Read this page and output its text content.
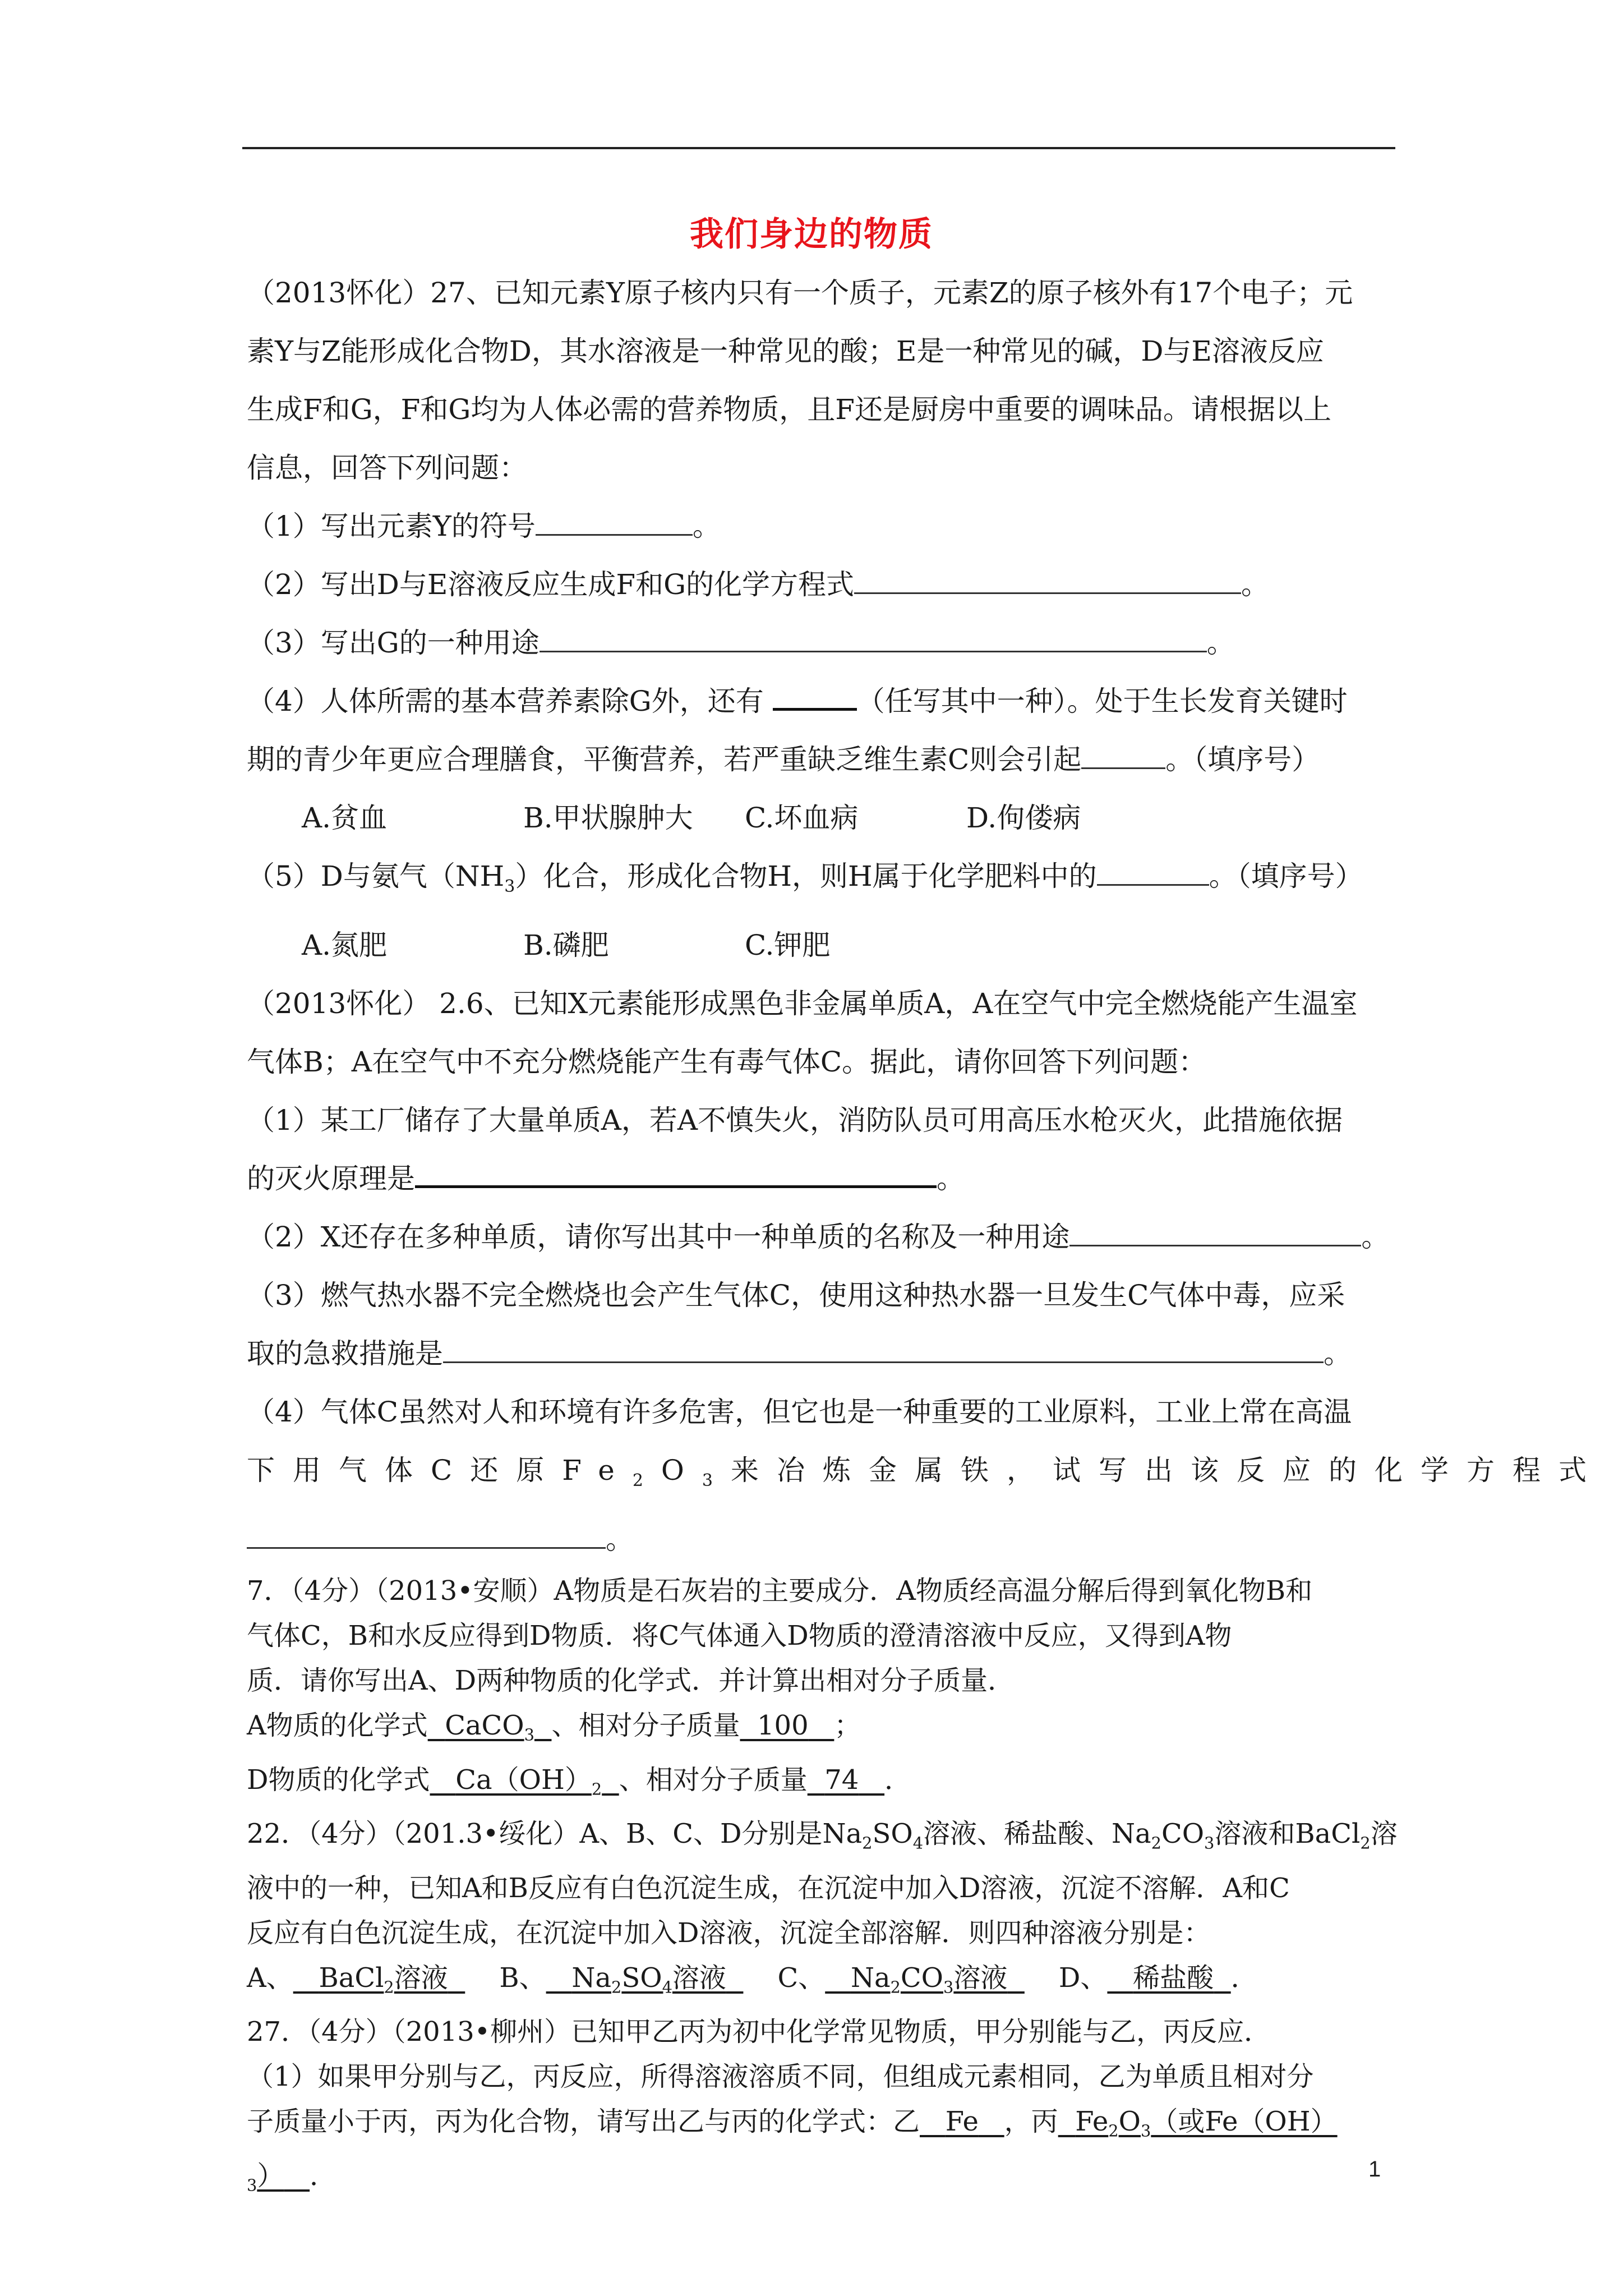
我们身边的物质
（2013怀化）27、已知元素Y原子核内只有一个质子，元素Z的原子核外有17个电子；元
素Y与Z能形成化合物D，其水溶液是一种常见的酸；E是一种常见的碱，D与E溶液反应
生成F和G，F和G均为人体必需的营养物质，且F还是厨房中重要的调味品。请根据以上
信息，回答下列问题：
（1）写出元素Y的符号	。
（2）写出D与E溶液反应生成F和G的化学方程式	。
（3）写出G的一种用途	。
（4）人体所需的基本营养素除G外，还有	（任写其中一种）。处于生长发育关键时
期的青少年更应合理膳食，平衡营养，若严重缺乏维生素C则会引起	。（填序号）
A.贫血	B.甲状腺肿大	C.坏血病	D.佝偻病
（5）D与氨气$(NH_3)$化合，形成化合物H，则H属于化学肥料中的	。（填序号）
A.氮肥	B.磷肥	C.钾肥
（2013怀化） 2.6、已知X元素能形成黑色非金属单质A，A在空气中完全燃烧能产生温室
气体B；A在空气中不充分燃烧能产生有毒气体C。据此，请你回答下列问题：
（1）某工厂储存了大量单质A，若A不慎失火，消防队员可用高压水枪灭火，此措施依据
的灭火原理是	。
（2）X还存在多种单质，请你写出其中一种单质的名称及一种用途	。
（3）燃气热水器不完全燃烧也会产生气体C，使用这种热水器一旦发生C气体中毒，应采
取的急救措施是	。
（4）气体C虽然对人和环境有许多危害，但它也是一种重要的工业原料，工业上常在高温
下用气体C还原$Fe_2O_3$来冶炼金属铁，试写出该反应的化学方程式
。
7．（4分）（2013•安顺）A物质是石灰岩的主要成分．A物质经高温分解后得到氧化物B和
气体C，B和水反应得到D物质．将C气体通入D物质的澄清溶液中反应，又得到A物
质．请你写出A、D两种物质的化学式．并计算出相对分子质量．
A物质的化学式 CaCO$_3$ 、相对分子质量 100 ；
D物质的化学式 $Ca(OH)_2$ 、相对分子质量 74 ．
22．（4分）（201.3•绥化）A、B、C、D分别是$Na_2SO_4$溶液、稀盐酸、$Na_2CO_3$溶液和BaCl$_2$溶
液中的一种，已知A和B反应有白色沉淀生成，在沉淀中加入D溶液，沉淀不溶解．A和C
反应有白色沉淀生成，在沉淀中加入D溶液，沉淀全部溶解．则四种溶液分别是：
A、 BaCl$_2$溶液 B、 $Na_2SO_4$溶液 C、 $Na_2CO_3$溶液 D、 稀盐酸 ．
27．（4分）（2013•柳州）已知甲乙丙为初中化学常见物质，甲分别能与乙，丙反应．
（1）如果甲分别与乙，丙反应，所得溶液溶质不同，但组成元素相同，乙为单质且相对分
子质量小于丙，丙为化合物，请写出乙与丙的化学式：乙 Fe ，丙 $Fe_2O_3$（或Fe（OH）
$_3$） ．	1
